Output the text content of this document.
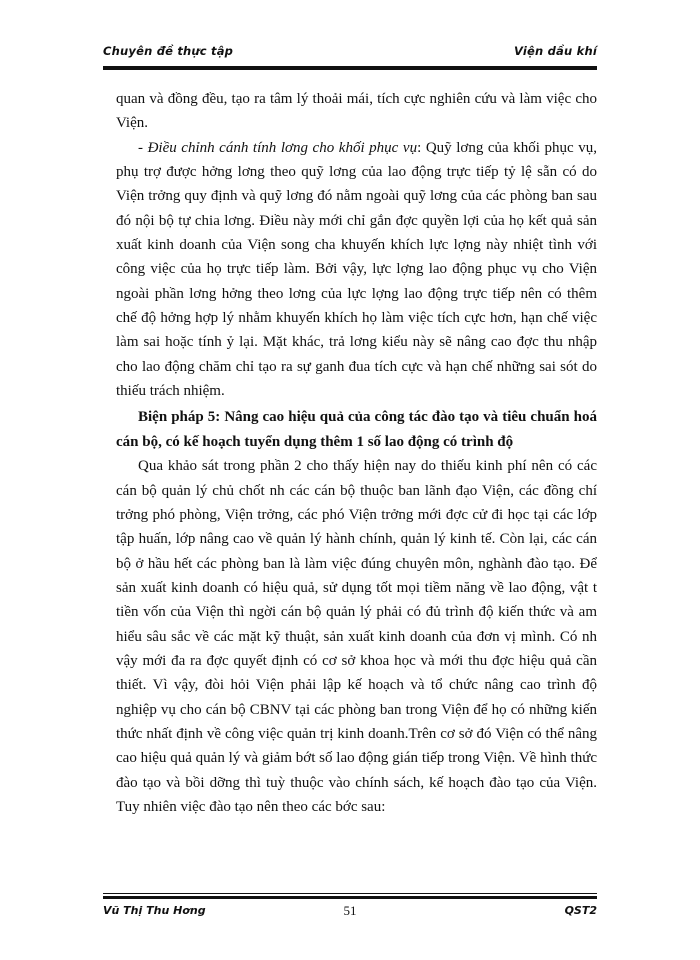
Chuyên đề thực tập	Viện dầu khí

quan và đồng đều, tạo ra tâm lý thoải mái, tích cực nghiên cứu và làm việc cho Viện.

- Điều chỉnh cánh tính lơng cho khối phục vụ: Quỹ lơng của khối phục vụ, phụ trợ được hởng lơng theo quỹ lơng của lao động trực tiếp tỷ lệ sẵn có do Viện trởng quy định và quỹ lơng đó nằm ngoài quỹ lơng của các phòng ban sau đó nội bộ tự chia lơng. Điều này mới chỉ gắn đợc quyền lợi của họ kết quả sản xuất kinh doanh của Viện song cha khuyến khích lực lợng này nhiệt tình với công việc của họ trực tiếp làm. Bởi vậy, lực lợng lao động phục vụ cho Viện ngoài phần lơng hởng theo lơng của lực lợng lao động trực tiếp nên có thêm chế độ hởng hợp lý nhằm khuyến khích họ làm việc tích cực hơn, hạn chế việc làm sai hoặc tính ỷ lại. Mặt khác, trả lơng kiểu này sẽ nâng cao đợc thu nhập cho lao động chăm chỉ tạo ra sự ganh đua tích cực và hạn chế những sai sót do thiếu trách nhiệm.

Biện pháp 5: Nâng cao hiệu quả của công tác đào tạo và tiêu chuẩn hoá cán bộ, có kế hoạch tuyển dụng thêm 1 số lao động có trình độ

Qua khảo sát trong phần 2 cho thấy hiện nay do thiếu kinh phí nên có các cán bộ quản lý chủ chốt nh các cán bộ thuộc ban lãnh đạo Viện, các đồng chí trởng phó phòng, Viện trởng, các phó Viện trởng mới đợc cử đi học tại các lớp tập huấn, lớp nâng cao về quản lý hành chính, quản lý kinh tế. Còn lại, các cán bộ ở hầu hết các phòng ban là làm việc đúng chuyên môn, nghành đào tạo. Để sản xuất kinh doanh có hiệu quả, sử dụng tốt mọi tiềm năng về lao động, vật t tiền vốn của Viện thì ngời cán bộ quản lý phải có đủ trình độ kiến thức và am hiểu sâu sắc về các mặt kỹ thuật, sản xuất kinh doanh của đơn vị mình. Có nh vậy mới đa ra đợc quyết định có cơ sở khoa học và mới thu đợc hiệu quả cần thiết. Vì vậy, đòi hỏi Viện phải lập kế hoạch và tổ chức nâng cao trình độ nghiệp vụ cho cán bộ CBNV tại các phòng ban trong Viện để họ có những kiến thức nhất định về công việc quản trị kinh doanh.Trên cơ sở đó Viện có thể nâng cao hiệu quả quản lý và giảm bớt số lao động gián tiếp trong Viện. Về hình thức đào tạo và bồi dỡng thì tuỳ thuộc vào chính sách, kế hoạch đào tạo của Viện. Tuy nhiên việc đào tạo nên theo các bớc sau:

Vũ Thị Thu Hơng	51	QST2
